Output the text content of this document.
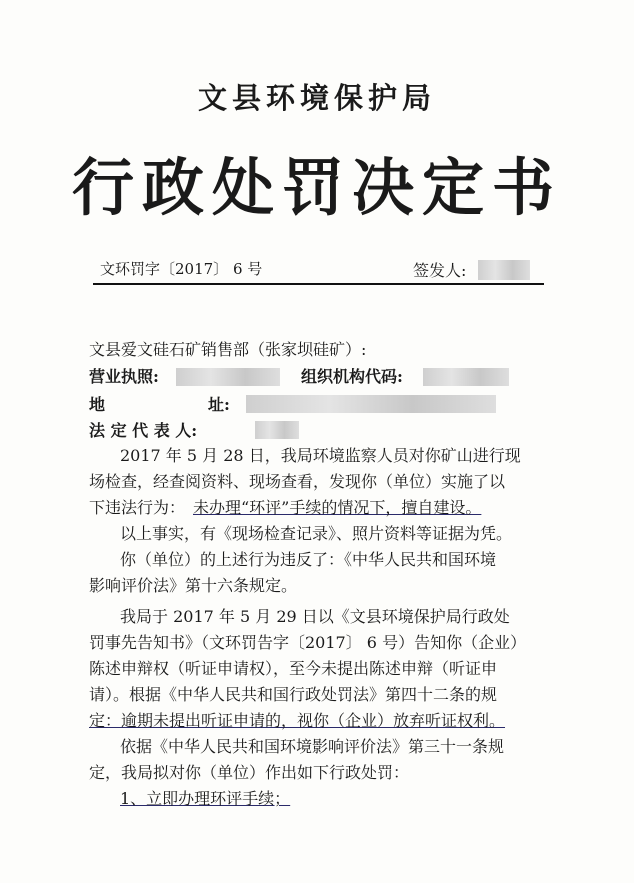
文县环境保护局
行政处罚决定书
文环罚字〔2017〕 6 号	签发人:
文县爱文硅石矿销售部（张家坝硅矿）:
营业执照:	组织机构代码:
地	址:
法 定 代 表 人:
2017 年 5 月 28 日，我局环境监察人员对你矿山进行现
场检查，经查阅资料、现场查看，发现你（单位）实施了以
下违法行为： 未办理“环评”手续的情况下，擅自建设。
以上事实，有《现场检查记录》、照片资料等证据为凭。
你（单位）的上述行为违反了：《中华人民共和国环境
影响评价法》第十六条规定。
我局于 2017 年 5 月 29 日以《文县环境保护局行政处
罚事先告知书》（文环罚告字〔2017〕 6 号）告知你（企业）
陈述申辩权（听证申请权），至今未提出陈述申辩（听证申
请）。根据《中华人民共和国行政处罚法》第四十二条的规
定：逾期未提出听证申请的，视你（企业）放弃听证权利。
依据《中华人民共和国环境影响评价法》第三十一条规
定，我局拟对你（单位）作出如下行政处罚：
1、立即办理环评手续；
